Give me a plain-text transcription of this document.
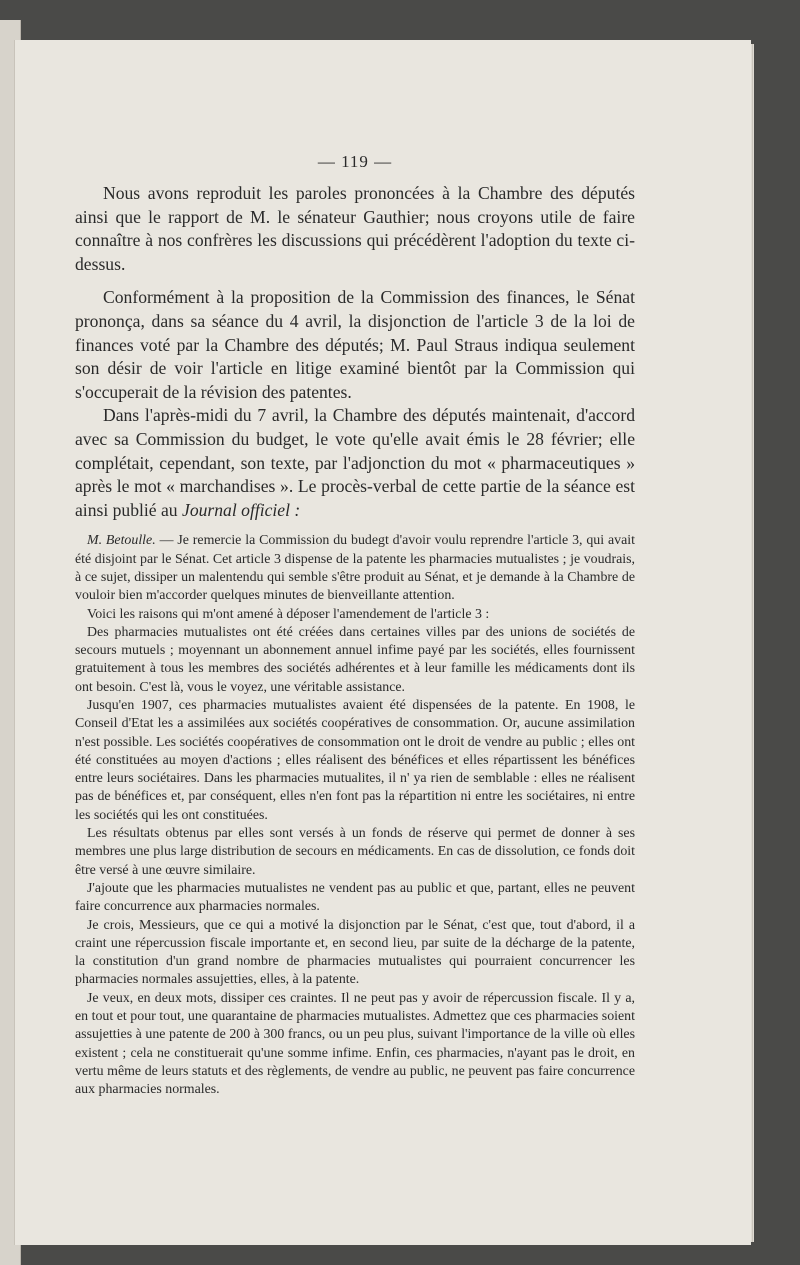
— 119 —

Nous avons reproduit les paroles prononcées à la Chambre des députés ainsi que le rapport de M. le sénateur Gauthier; nous croyons utile de faire connaître à nos confrères les discussions qui précédèrent l'adoption du texte ci-dessus.

Conformément à la proposition de la Commission des finances, le Sénat prononça, dans sa séance du 4 avril, la disjonction de l'article 3 de la loi de finances voté par la Chambre des députés; M. Paul Straus indiqua seulement son désir de voir l'article en litige examiné bientôt par la Commission qui s'occuperait de la révision des patentes.

Dans l'après-midi du 7 avril, la Chambre des députés maintenait, d'accord avec sa Commission du budget, le vote qu'elle avait émis le 28 février; elle complétait, cependant, son texte, par l'adjonction du mot « pharmaceutiques » après le mot « marchandises ». Le procès-verbal de cette partie de la séance est ainsi publié au Journal officiel :

M. Betoulle. — Je remercie la Commission du budegt d'avoir voulu reprendre l'article 3, qui avait été disjoint par le Sénat. Cet article 3 dispense de la patente les pharmacies mutualistes ; je voudrais, à ce sujet, dissiper un malentendu qui semble s'être produit au Sénat, et je demande à la Chambre de vouloir bien m'accorder quelques minutes de bienveillante attention.

Voici les raisons qui m'ont amené à déposer l'amendement de l'article 3 :

Des pharmacies mutualistes ont été créées dans certaines villes par des unions de sociétés de secours mutuels ; moyennant un abonnement annuel infime payé par les sociétés, elles fournissent gratuitement à tous les membres des sociétés adhérentes et à leur famille les médicaments dont ils ont besoin. C'est là, vous le voyez, une véritable assistance.

Jusqu'en 1907, ces pharmacies mutualistes avaient été dispensées de la patente. En 1908, le Conseil d'Etat les a assimilées aux sociétés coopératives de consommation. Or, aucune assimilation n'est possible. Les sociétés coopératives de consommation ont le droit de vendre au public ; elles ont été constituées au moyen d'actions ; elles réalisent des bénéfices et elles répartissent les bénéfices entre leurs sociétaires. Dans les pharmacies mutualites, il n' ya rien de semblable : elles ne réalisent pas de bénéfices et, par conséquent, elles n'en font pas la répartition ni entre les sociétaires, ni entre les sociétés qui les ont constituées.

Les résultats obtenus par elles sont versés à un fonds de réserve qui permet de donner à ses membres une plus large distribution de secours en médicaments. En cas de dissolution, ce fonds doit être versé à une œuvre similaire.

J'ajoute que les pharmacies mutualistes ne vendent pas au public et que, partant, elles ne peuvent faire concurrence aux pharmacies normales.

Je crois, Messieurs, que ce qui a motivé la disjonction par le Sénat, c'est que, tout d'abord, il a craint une répercussion fiscale importante et, en second lieu, par suite de la décharge de la patente, la constitution d'un grand nombre de pharmacies mutualistes qui pourraient concurrencer les pharmacies normales assujetties, elles, à la patente.

Je veux, en deux mots, dissiper ces craintes. Il ne peut pas y avoir de répercussion fiscale. Il y a, en tout et pour tout, une quarantaine de pharmacies mutualistes. Admettez que ces pharmacies soient assujetties à une patente de 200 à 300 francs, ou un peu plus, suivant l'importance de la ville où elles existent ; cela ne constituerait qu'une somme infime. Enfin, ces pharmacies, n'ayant pas le droit, en vertu même de leurs statuts et des règlements, de vendre au public, ne peuvent pas faire concurrence aux pharmacies normales.
